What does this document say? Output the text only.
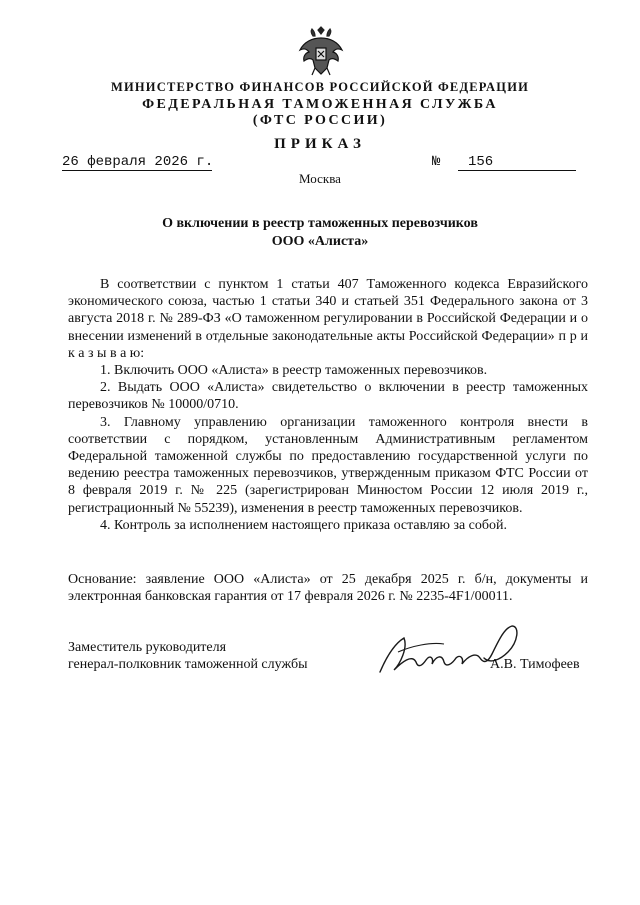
МИНИСТЕРСТВО ФИНАНСОВ РОССИЙСКОЙ ФЕДЕРАЦИИ
ФЕДЕРАЛЬНАЯ ТАМОЖЕННАЯ СЛУЖБА
(ФТС РОССИИ)
ПРИКАЗ
26 февраля 2026 г.	№ 156
Москва
О включении в реестр таможенных перевозчиков
ООО «Алиста»

В соответствии с пунктом 1 статьи 407 Таможенного кодекса Евразийского экономического союза, частью 1 статьи 340 и статьей 351 Федерального закона от 3 августа 2018 г. № 289-ФЗ «О таможенном регулировании в Российской Федерации и о внесении изменений в отдельные законодательные акты Российской Федерации» п р и к а з ы в а ю:

1. Включить ООО «Алиста» в реестр таможенных перевозчиков.

2. Выдать ООО «Алиста» свидетельство о включении в реестр таможенных перевозчиков № 10000/0710.

3. Главному управлению организации таможенного контроля внести в соответствии с порядком, установленным Административным регламентом Федеральной таможенной службы по предоставлению государственной услуги по ведению реестра таможенных перевозчиков, утвержденным приказом ФТС России от 8 февраля 2019 г. № 225 (зарегистрирован Минюстом России 12 июля 2019 г., регистрационный № 55239), изменения в реестр таможенных перевозчиков.

4. Контроль за исполнением настоящего приказа оставляю за собой.

Основание: заявление ООО «Алиста» от 25 декабря 2025 г. б/н, документы и электронная банковская гарантия от 17 февраля 2026 г. № 2235-4F1/00011.

Заместитель руководителя
генерал-полковник таможенной службы	А.В. Тимофеев
